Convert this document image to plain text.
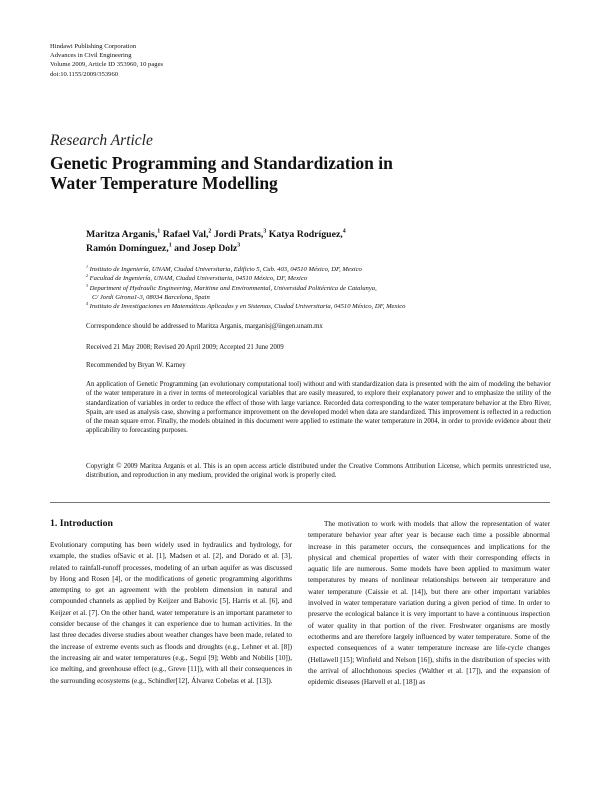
Hindawi Publishing Corporation
Advances in Civil Engineering
Volume 2009, Article ID 353960, 10 pages
doi:10.1155/2009/353960
Research Article
Genetic Programming and Standardization in
Water Temperature Modelling
Maritza Arganis,$^1$ Rafael Val,$^2$ Jordi Prats,$^3$ Katya Rodríguez,$^4$
Ramón Domínguez,$^1$ and Josep Dolz$^3$

$^1$ Instituto de Ingeniería, UNAM, Ciudad Universitaria, Edificio 5, Cub. 403, 04510 México, DF, Mexico

$^2$ Facultad de Ingeniería, UNAM, Ciudad Universitaria, 04510 México, DF, Mexico

$^3$ Department of Hydraulic Engineering, Maritime and Environmental, Universidad Politécnica de Catalunya,

C/ Jordi Girona1-3, 08034 Barcelona, Spain

$^4$ Instituto de Investigaciones en Matemáticas Aplicadas y en Sistemas, Ciudad Universitaria, 04510 México, DF, Mexico

Correspondence should be addressed to Maritza Arganis, marganisj@iingen.unam.mx
Received 21 May 2008; Revised 20 April 2009; Accepted 21 June 2009
Recommended by Bryan W. Karney
An application of Genetic Programming (an evolutionary computational tool) without and with standardization data is presented with the aim of modeling the behavior of the water temperature in a river in terms of meteorological variables that are easily measured, to explore their explanatory power and to emphasize the utility of the standardization of variables in order to reduce the effect of those with large variance. Recorded data corresponding to the water temperature behavior at the Ebro River, Spain, are used as analysis case, showing a performance improvement on the developed model when data are standardized. This improvement is reflected in a reduction of the mean square error. Finally, the models obtained in this document were applied to estimate the water temperature in 2004, in order to provide evidence about their applicability to forecasting purposes.
Copyright © 2009 Maritza Arganis et al. This is an open access article distributed under the Creative Commons Attribution License, which permits unrestricted use, distribution, and reproduction in any medium, provided the original work is properly cited.

1. Introduction

Evolutionary computing has been widely used in hydraulics and hydrology, for example, the studies ofSavic et al. [1], Madsen et al. [2], and Dorado et al. [3], related to rainfall-runoff processes, modeling of an urban aquifer as was discussed by Hong and Rosen [4], or the modifications of genetic programming algorithms attempting to get an agreement with the problem dimension in natural and compounded channels as applied by Keijzer and Babovic [5], Harris et al. [6], and Keijzer et al. [7]. On the other hand, water temperature is an important parameter to consider because of the changes it can experience due to human activities. In the last three decades diverse studies about weather changes have been made, related to the increase of extreme events such as floods and droughts (e.g., Lehner et al. [8]) the increasing air and water temperatures (e.g., Seguí [9]; Webb and Nobilis [10]), ice melting, and greenhouse effect (e.g., Greve [11]), with all their consequences in the surrounding ecosystems (e.g., Schindler[12], Álvarez Cobelas et al. [13]).

The motivation to work with models that allow the representation of water temperature behavior year after year is because each time a possible abnormal increase in this parameter occurs, the consequences and implications for the physical and chemical properties of water with their corresponding effects in aquatic life are numerous. Some models have been applied to maximum water temperatures by means of nonlinear relationships between air temperature and water temperature (Caissie et al. [14]), but there are other important variables involved in water temperature variation during a given period of time. In order to preserve the ecological balance it is very important to have a continuous inspection of water quality in that portion of the river. Freshwater organisms are mostly ectotherms and are therefore largely influenced by water temperature. Some of the expected consequences of a water temperature increase are life-cycle changes (Hellawell [15]; Winfield and Nelson [16]), shifts in the distribution of species with the arrival of allochthonous species (Walther et al. [17]), and the expansion of epidemic diseases (Harvell et al. [18]) as
